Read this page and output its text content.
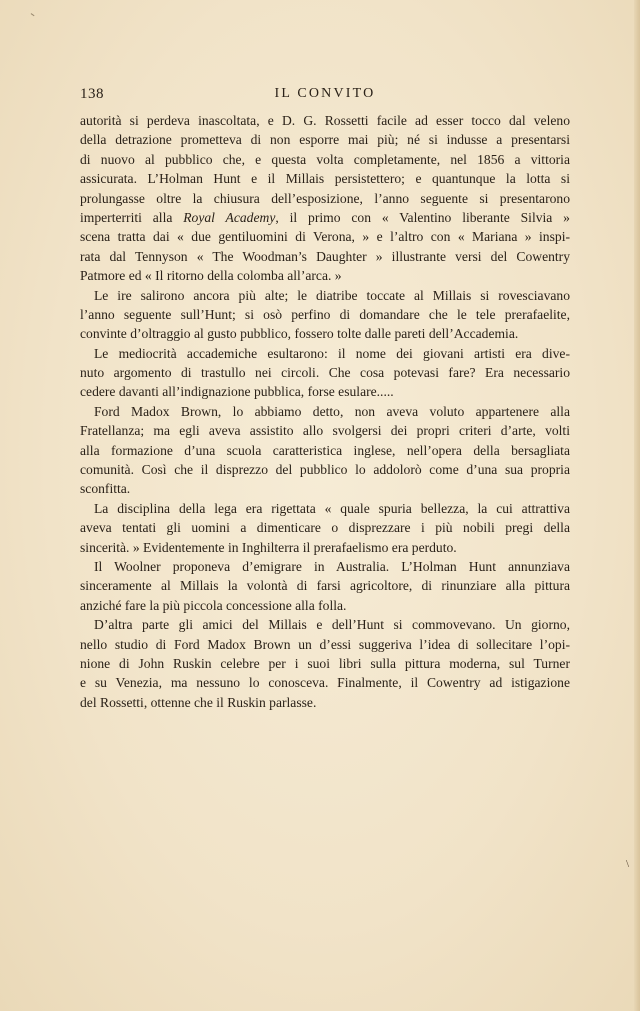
138	IL CONVITO
autorità si perdeva inascoltata, e D. G. Rossetti facile ad esser tocco dal veleno
della detrazione prometteva di non esporre mai più; né si indusse a presentarsi
di nuovo al pubblico che, e questa volta completamente, nel 1856 a vittoria
assicurata. L’Holman Hunt e il Millais persistettero; e quantunque la lotta si
prolungasse oltre la chiusura dell’esposizione, l’anno seguente si presentarono
imperterriti alla Royal Academy, il primo con « Valentino liberante Silvia »
scena tratta dai « due gentiluomini di Verona, » e l’altro con « Mariana » inspi-
rata dal Tennyson « The Woodman’s Daughter » illustrante versi del Cowentry
Patmore ed « Il ritorno della colomba all’arca. »
Le ire salirono ancora più alte; le diatribe toccate al Millais si rovesciavano
l’anno seguente sull’Hunt; si osò perfino di domandare che le tele prerafaelite,
convinte d’oltraggio al gusto pubblico, fossero tolte dalle pareti dell’Accademia.
Le mediocrità accademiche esultarono: il nome dei giovani artisti era dive-
nuto argomento di trastullo nei circoli. Che cosa potevasi fare? Era necessario
cedere davanti all’indignazione pubblica, forse esulare.....
Ford Madox Brown, lo abbiamo detto, non aveva voluto appartenere alla
Fratellanza; ma egli aveva assistito allo svolgersi dei propri criteri d’arte, volti
alla formazione d’una scuola caratteristica inglese, nell’opera della bersagliata
comunità. Così che il disprezzo del pubblico lo addolorò come d’una sua propria
sconfitta.
La disciplina della lega era rigettata « quale spuria bellezza, la cui attrattiva
aveva tentati gli uomini a dimenticare o disprezzare i più nobili pregi della
sincerità. » Evidentemente in Inghilterra il prerafaelismo era perduto.
Il Woolner proponeva d’emigrare in Australia. L’Holman Hunt annunziava
sinceramente al Millais la volontà di farsi agricoltore, di rinunziare alla pittura
anziché fare la più piccola concessione alla folla.
D’altra parte gli amici del Millais e dell’Hunt si commovevano. Un giorno,
nello studio di Ford Madox Brown un d’essi suggeriva l’idea di sollecitare l’opi-
nione di John Ruskin celebre per i suoi libri sulla pittura moderna, sul Turner
e su Venezia, ma nessuno lo conosceva. Finalmente, il Cowentry ad istigazione
del Rossetti, ottenne che il Ruskin parlasse.
\
